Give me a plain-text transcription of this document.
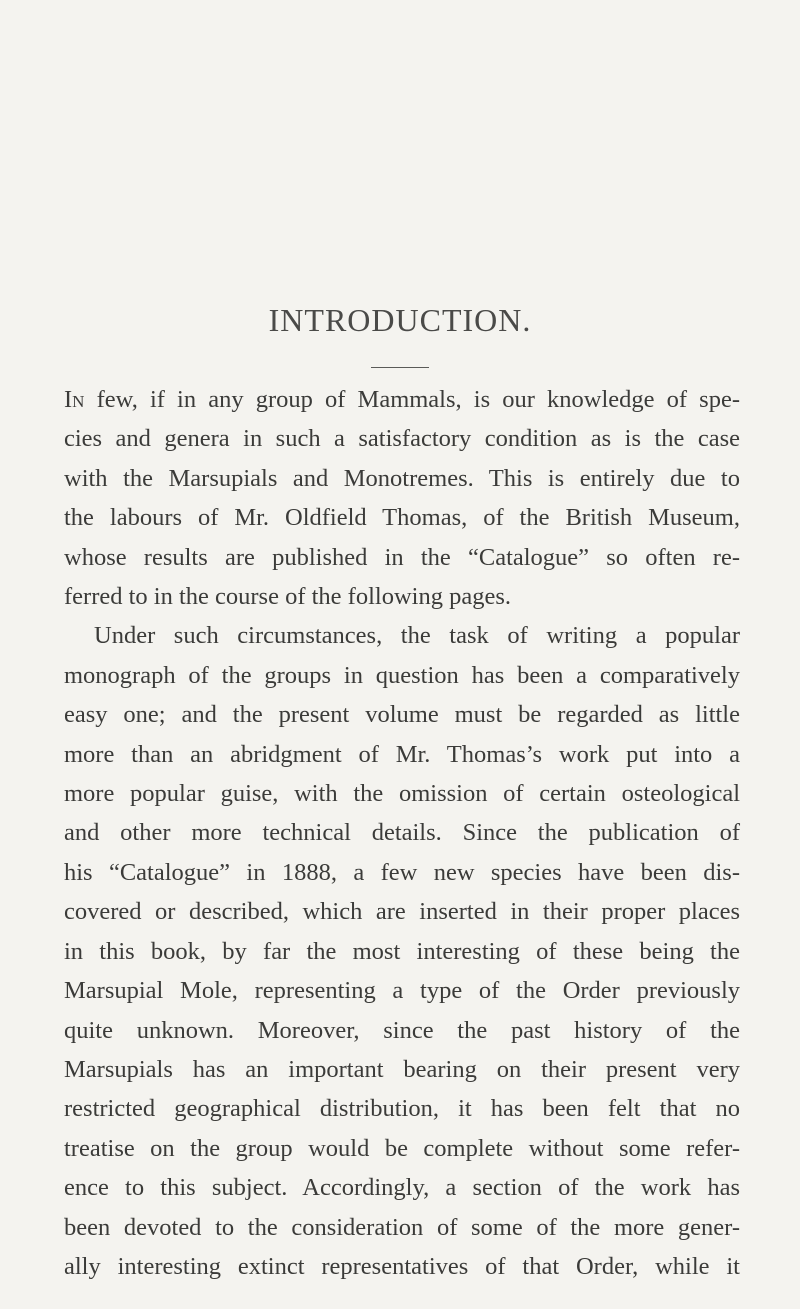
INTRODUCTION.
In few, if in any group of Mammals, is our knowledge of spe-
cies and genera in such a satisfactory condition as is the case
with the Marsupials and Monotremes. This is entirely due to
the labours of Mr. Oldfield Thomas, of the British Museum,
whose results are published in the “Catalogue” so often re-
ferred to in the course of the following pages.
Under such circumstances, the task of writing a popular
monograph of the groups in question has been a comparatively
easy one; and the present volume must be regarded as little
more than an abridgment of Mr. Thomas’s work put into a
more popular guise, with the omission of certain osteological
and other more technical details. Since the publication of
his “Catalogue” in 1888, a few new species have been dis-
covered or described, which are inserted in their proper places
in this book, by far the most interesting of these being the
Marsupial Mole, representing a type of the Order previously
quite unknown. Moreover, since the past history of the
Marsupials has an important bearing on their present very
restricted geographical distribution, it has been felt that no
treatise on the group would be complete without some refer-
ence to this subject. Accordingly, a section of the work has
been devoted to the consideration of some of the more gener-
ally interesting extinct representatives of that Order, while it
